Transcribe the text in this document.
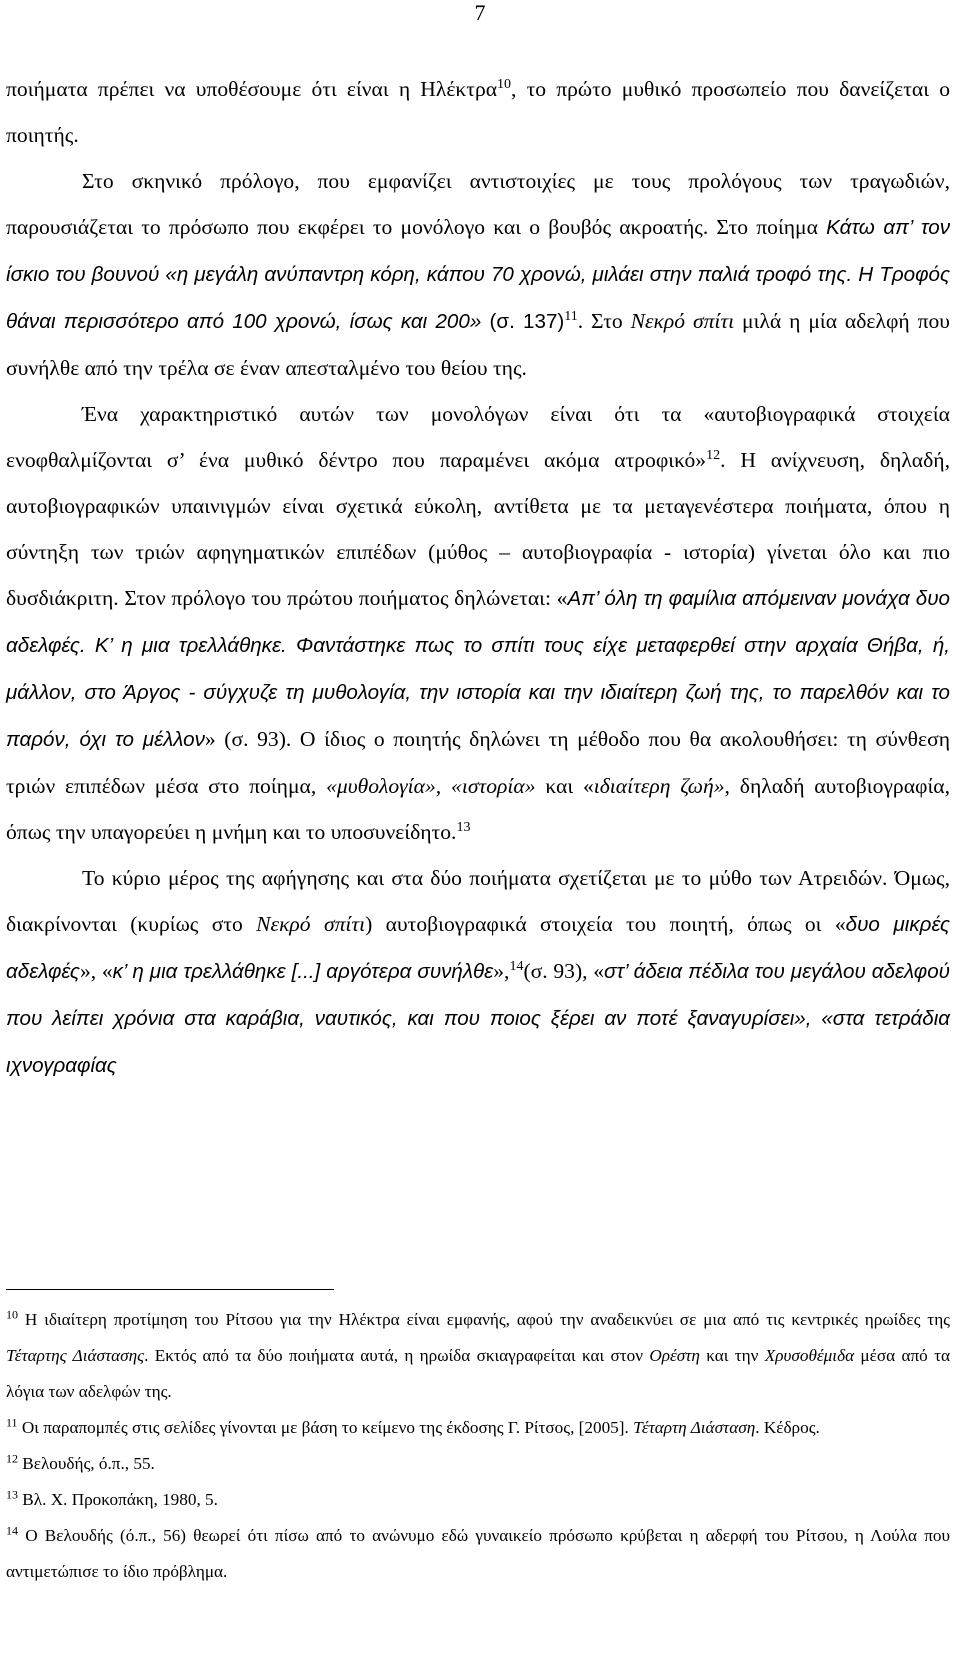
7

ποιήματα πρέπει να υποθέσουμε ότι είναι η Ηλέκτρα$^{10}$, το πρώτο μυθικό προσωπείο που δανείζεται ο ποιητής.

Στο σκηνικό πρόλογο, που εμφανίζει αντιστοιχίες με τους προλόγους των τραγωδιών, παρουσιάζεται το πρόσωπο που εκφέρει το μονόλογο και ο βουβός ακροατής. Στο ποίημα Κάτω απ’ τον ίσκιο του βουνού «η μεγάλη ανύπαντρη κόρη, κάπου 70 χρονώ, μιλάει στην παλιά τροφό της. Η Τροφός θάναι περισσότερο από 100 χρονώ, ίσως και 200» (σ. 137)$^{11}$. Στο Νεκρό σπίτι μιλά η μία αδελφή που συνήλθε από την τρέλα σε έναν απεσταλμένο του θείου της.

Ένα χαρακτηριστικό αυτών των μονολόγων είναι ότι τα «αυτοβιογραφικά στοιχεία ενοφθαλμίζονται σ’ ένα μυθικό δέντρο που παραμένει ακόμα ατροφικό»$^{12}$. Η ανίχνευση, δηλαδή, αυτοβιογραφικών υπαινιγμών είναι σχετικά εύκολη, αντίθετα με τα μεταγενέστερα ποιήματα, όπου η σύντηξη των τριών αφηγηματικών επιπέδων (μύθος – αυτοβιογραφία - ιστορία) γίνεται όλο και πιο δυσδιάκριτη. Στον πρόλογο του πρώτου ποιήματος δηλώνεται: «Απ’ όλη τη φαμίλια απόμειναν μονάχα δυο αδελφές. Κ’ η μια τρελλάθηκε. Φαντάστηκε πως το σπίτι τους είχε μεταφερθεί στην αρχαία Θήβα, ή, μάλλον, στο Άργος - σύγχυζε τη μυθολογία, την ιστορία και την ιδιαίτερη ζωή της, το παρελθόν και το παρόν, όχι το μέλλον» (σ. 93). Ο ίδιος ο ποιητής δηλώνει τη μέθοδο που θα ακολουθήσει: τη σύνθεση τριών επιπέδων μέσα στο ποίημα, «μυθολογία», «ιστορία» και «ιδιαίτερη ζωή», δηλαδή αυτοβιογραφία, όπως την υπαγορεύει η μνήμη και το υποσυνείδητο.$^{13}$

Το κύριο μέρος της αφήγησης και στα δύο ποιήματα σχετίζεται με το μύθο των Ατρειδών. Όμως, διακρίνονται (κυρίως στο Νεκρό σπίτι) αυτοβιογραφικά στοιχεία του ποιητή, όπως οι «δυο μικρές αδελφές», «κ’ η μια τρελλάθηκε [...] αργότερα συνήλθε»,$^{14}$(σ. 93), «στ’ άδεια πέδιλα του μεγάλου αδελφού που λείπει χρόνια στα καράβια, ναυτικός, και που ποιος ξέρει αν ποτέ ξαναγυρίσει», «στα τετράδια ιχνογραφίας

$^{10}$ Η ιδιαίτερη προτίμηση του Ρίτσου για την Ηλέκτρα είναι εμφανής, αφού την αναδεικνύει σε μια από τις κεντρικές ηρωίδες της Τέταρτης Διάστασης. Εκτός από τα δύο ποιήματα αυτά, η ηρωίδα σκιαγραφείται και στον Ορέστη και την Χρυσοθέμιδα μέσα από τα λόγια των αδελφών της.

$^{11}$ Οι παραπομπές στις σελίδες γίνονται με βάση το κείμενο της έκδοσης Γ. Ρίτσος, [2005]. Τέταρτη Διάσταση. Κέδρος.

$^{12}$ Βελουδής, ό.π., 55.

$^{13}$ Βλ. Χ. Προκοπάκη, 1980, 5.

$^{14}$ Ο Βελουδής (ό.π., 56) θεωρεί ότι πίσω από το ανώνυμο εδώ γυναικείο πρόσωπο κρύβεται η αδερφή του Ρίτσου, η Λούλα που αντιμετώπισε το ίδιο πρόβλημα.
